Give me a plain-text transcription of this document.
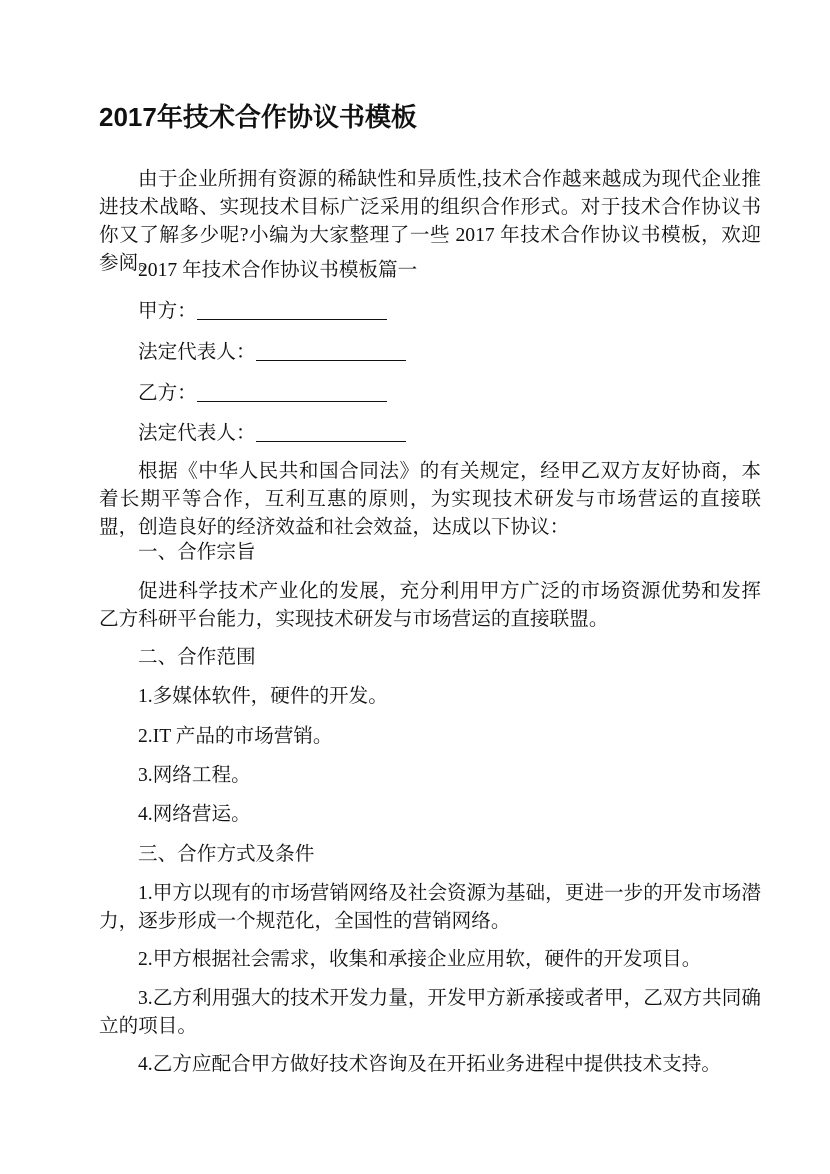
2017年技术合作协议书模板

由于企业所拥有资源的稀缺性和异质性,技术合作越来越成为现代企业推进技术战略、实现技术目标广泛采用的组织合作形式。对于技术合作协议书你又了解多少呢?小编为大家整理了一些 2017 年技术合作协议书模板，欢迎参阅。

2017 年技术合作协议书模板篇一

甲方：

法定代表人：

乙方：

法定代表人：

根据《中华人民共和国合同法》的有关规定，经甲乙双方友好协商，本着长期平等合作，互利互惠的原则，为实现技术研发与市场营运的直接联盟，创造良好的经济效益和社会效益，达成以下协议：

一、合作宗旨

促进科学技术产业化的发展，充分利用甲方广泛的市场资源优势和发挥乙方科研平台能力，实现技术研发与市场营运的直接联盟。

二、合作范围

1.多媒体软件，硬件的开发。

2.IT 产品的市场营销。

3.网络工程。

4.网络营运。

三、合作方式及条件

1.甲方以现有的市场营销网络及社会资源为基础，更进一步的开发市场潜力，逐步形成一个规范化，全国性的营销网络。

2.甲方根据社会需求，收集和承接企业应用软，硬件的开发项目。

3.乙方利用强大的技术开发力量，开发甲方新承接或者甲，乙双方共同确立的项目。

4.乙方应配合甲方做好技术咨询及在开拓业务进程中提供技术支持。
